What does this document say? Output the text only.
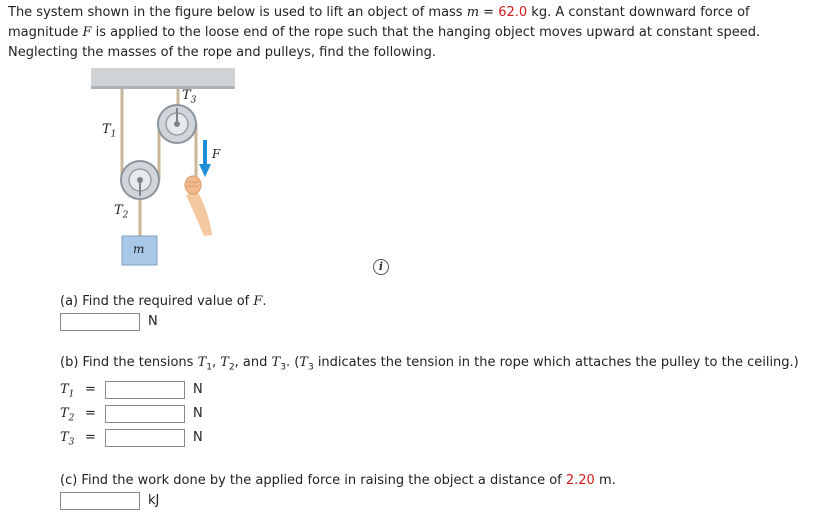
The system shown in the figure below is used to lift an object of mass m = 62.0 kg. A constant downward force of magnitude F is applied to the loose end of the rope such that the hanging object moves upward at constant speed. Neglecting the masses of the rope and pulleys, find the following.
$T_1$
$T_2$
$T_3$
F
m
i
(a) Find the required value of F.
N
(b) Find the tensions $T_1$, $T_2$, and $T_3$. ($T_3$ indicates the tension in the rope which attaches the pulley to the ceiling.)
$T_1$ =	N
$T_2$ =	N
$T_3$ =	N
(c) Find the work done by the applied force in raising the object a distance of 2.20 m.
kJ
